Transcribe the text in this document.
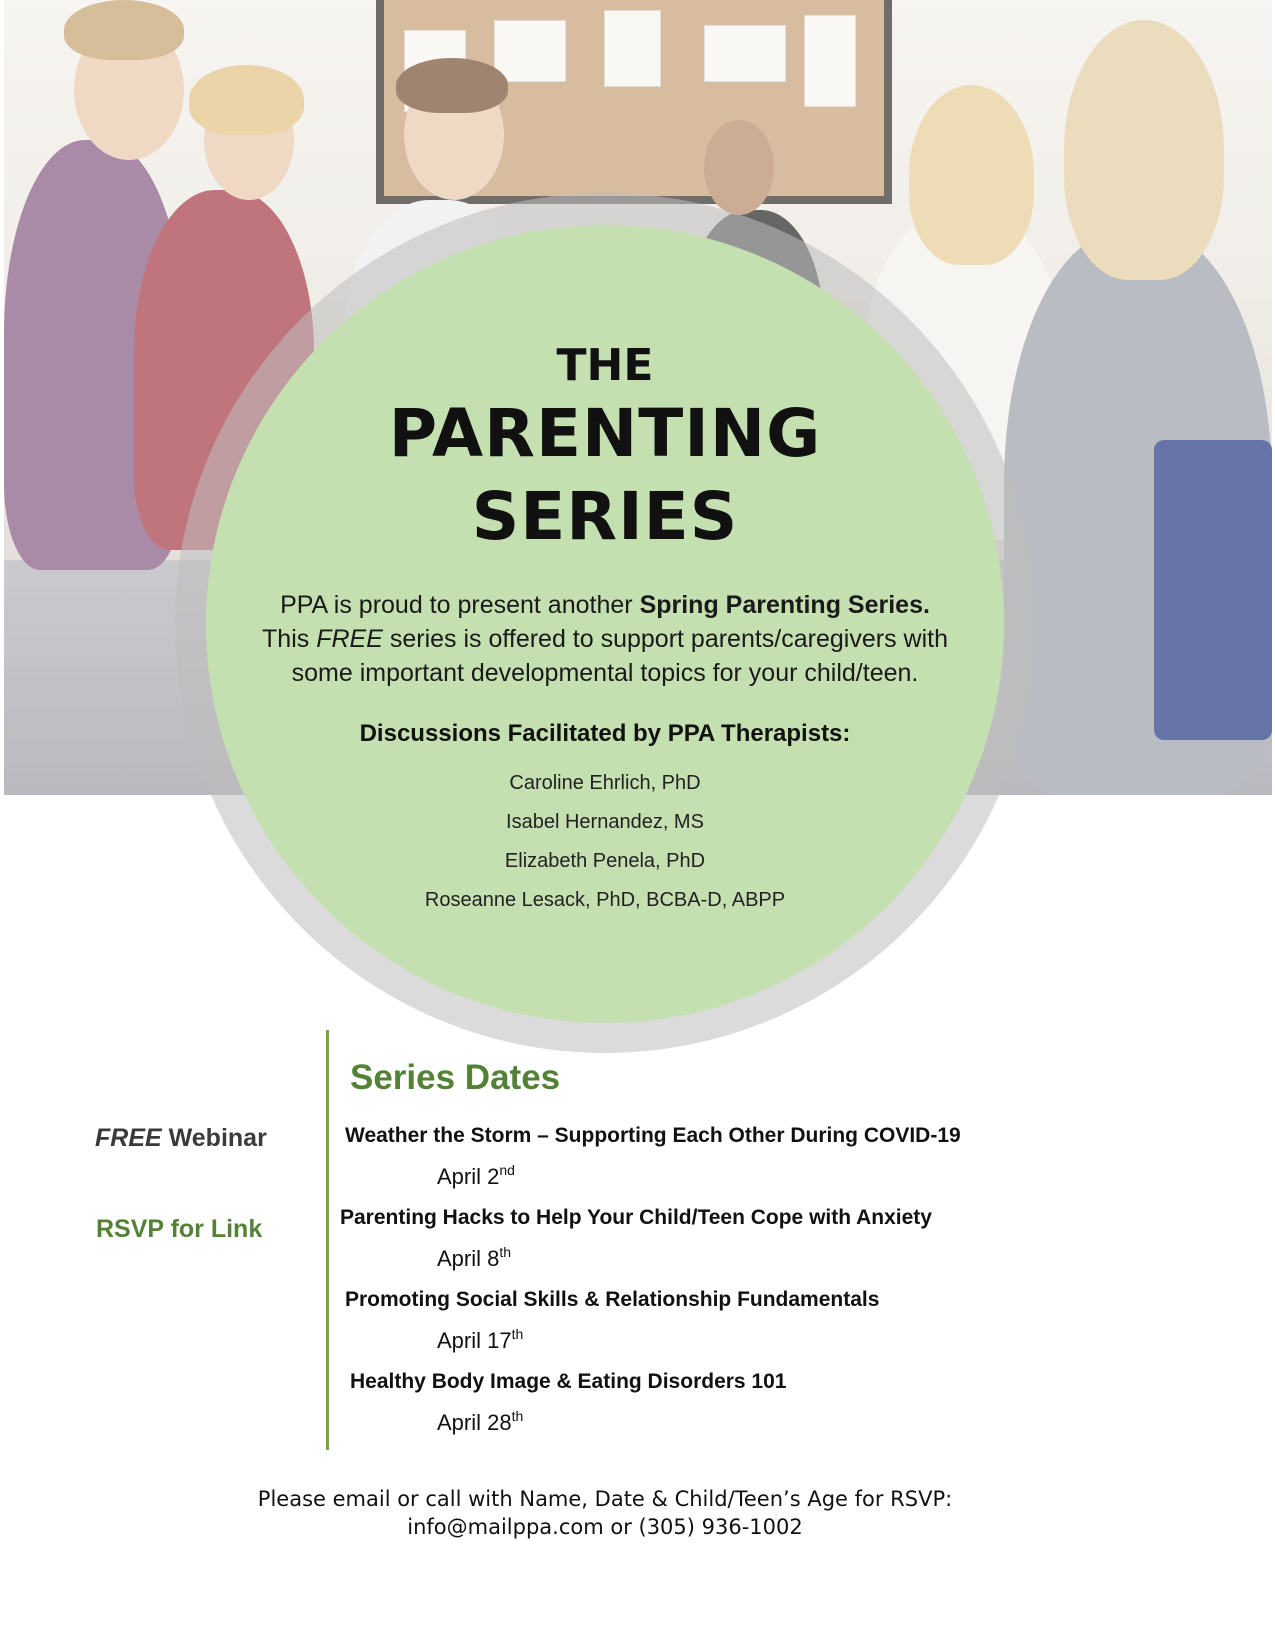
THE
PARENTING
SERIES
PPA is proud to present another Spring Parenting Series.
This FREE series is offered to support parents/caregivers with
some important developmental topics for your child/teen.
Discussions Facilitated by PPA Therapists:
Caroline Ehrlich, PhD
Isabel Hernandez, MS
Elizabeth Penela, PhD
Roseanne Lesack, PhD, BCBA-D, ABPP
Series Dates
FREE Webinar
RSVP for Link
Weather the Storm – Supporting Each Other During COVID-19
April 2nd
Parenting Hacks to Help Your Child/Teen Cope with Anxiety
April 8th
Promoting Social Skills & Relationship Fundamentals
April 17th
Healthy Body Image & Eating Disorders 101
April 28th
Please email or call with Name, Date & Child/Teen’s Age for RSVP:
info@mailppa.com or (305) 936-1002
